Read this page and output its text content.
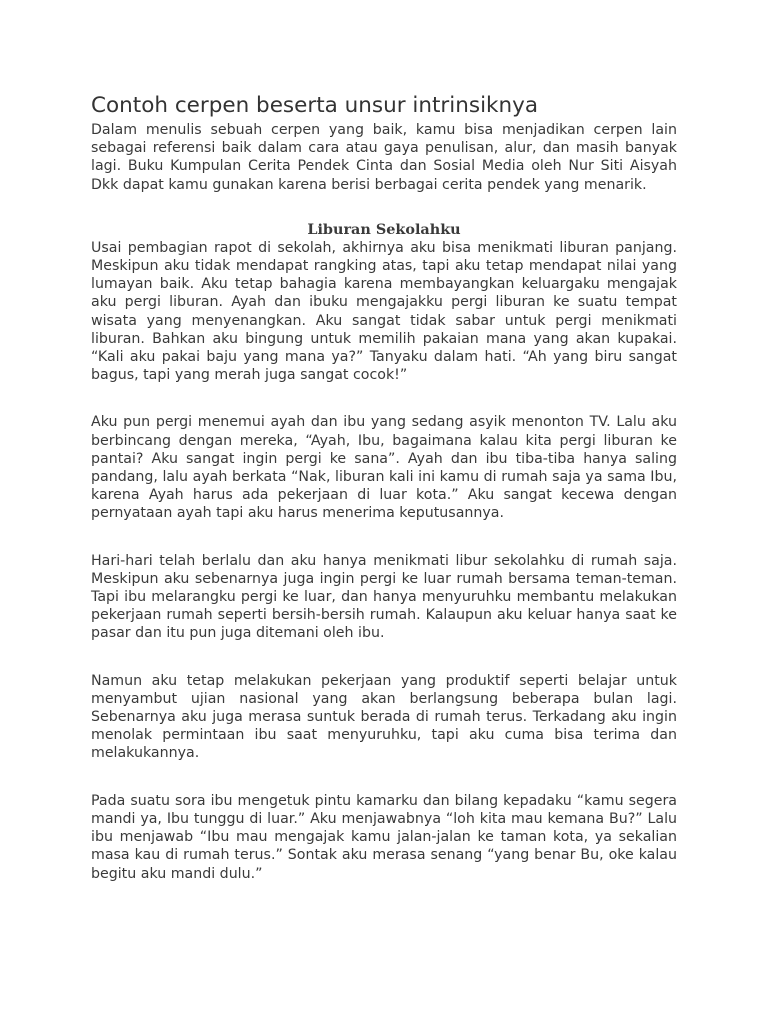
Contoh cerpen beserta unsur intrinsiknya

Dalam menulis sebuah cerpen yang baik, kamu bisa menjadikan cerpen lain sebagai referensi baik dalam cara atau gaya penulisan, alur, dan masih banyak lagi. Buku Kumpulan Cerita Pendek Cinta dan Sosial Media oleh Nur Siti Aisyah Dkk dapat kamu gunakan karena berisi berbagai cerita pendek yang menarik.

Liburan Sekolahku

Usai pembagian rapot di sekolah, akhirnya aku bisa menikmati liburan panjang. Meskipun aku tidak mendapat rangking atas, tapi aku tetap mendapat nilai yang lumayan baik. Aku tetap bahagia karena membayangkan keluargaku mengajak aku pergi liburan. Ayah dan ibuku mengajakku pergi liburan ke suatu tempat wisata yang menyenangkan. Aku sangat tidak sabar untuk pergi menikmati liburan. Bahkan aku bingung untuk memilih pakaian mana yang akan kupakai. “Kali aku pakai baju yang mana ya?” Tanyaku dalam hati. “Ah yang biru sangat bagus, tapi yang merah juga sangat cocok!”

Aku pun pergi menemui ayah dan ibu yang sedang asyik menonton TV. Lalu aku berbincang dengan mereka, “Ayah, Ibu, bagaimana kalau kita pergi liburan ke pantai? Aku sangat ingin pergi ke sana”. Ayah dan ibu tiba-tiba hanya saling pandang, lalu ayah berkata “Nak, liburan kali ini kamu di rumah saja ya sama Ibu, karena Ayah harus ada pekerjaan di luar kota.” Aku sangat kecewa dengan pernyataan ayah tapi aku harus menerima keputusannya.

Hari-hari telah berlalu dan aku hanya menikmati libur sekolahku di rumah saja. Meskipun aku sebenarnya juga ingin pergi ke luar rumah bersama teman-teman. Tapi ibu melarangku pergi ke luar, dan hanya menyuruhku membantu melakukan pekerjaan rumah seperti bersih-bersih rumah. Kalaupun aku keluar hanya saat ke pasar dan itu pun juga ditemani oleh ibu.

Namun aku tetap melakukan pekerjaan yang produktif seperti belajar untuk menyambut ujian nasional yang akan berlangsung beberapa bulan lagi. Sebenarnya aku juga merasa suntuk berada di rumah terus. Terkadang aku ingin menolak permintaan ibu saat menyuruhku, tapi aku cuma bisa terima dan melakukannya.

Pada suatu sora ibu mengetuk pintu kamarku dan bilang kepadaku “kamu segera mandi ya, Ibu tunggu di luar.” Aku menjawabnya “loh kita mau kemana Bu?” Lalu ibu menjawab “Ibu mau mengajak kamu jalan-jalan ke taman kota, ya sekalian masa kau di rumah terus.” Sontak aku merasa senang “yang benar Bu, oke kalau begitu aku mandi dulu.”
